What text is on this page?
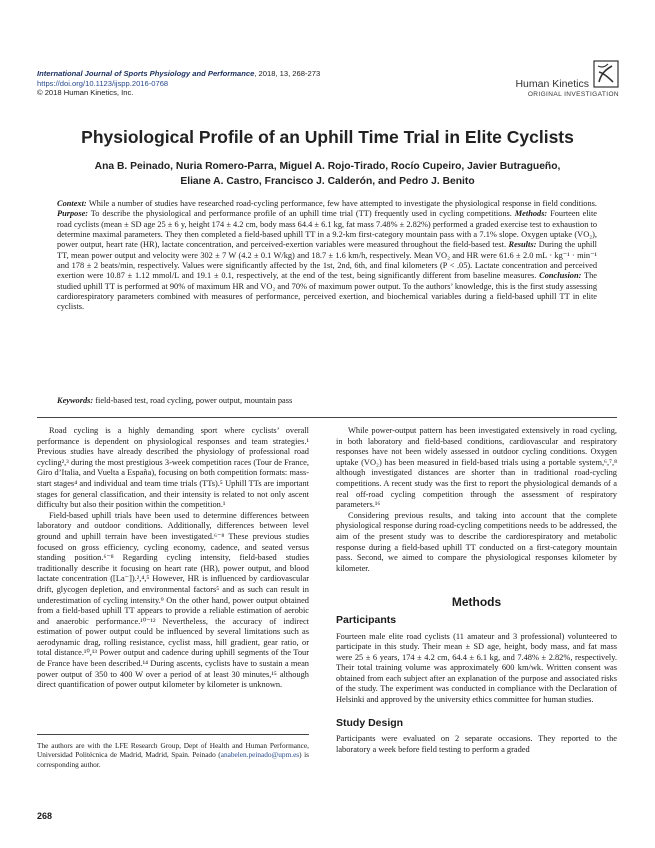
International Journal of Sports Physiology and Performance, 2018, 13, 268-273
https://doi.org/10.1123/ijspp.2016-0768
© 2018 Human Kinetics, Inc.
Human Kinetics
ORIGINAL INVESTIGATION
Physiological Profile of an Uphill Time Trial in Elite Cyclists
Ana B. Peinado, Nuria Romero-Parra, Miguel A. Rojo-Tirado, Rocío Cupeiro, Javier Butragueño,
Eliane A. Castro, Francisco J. Calderón, and Pedro J. Benito
Context: While a number of studies have researched road-cycling performance, few have attempted to investigate the physiological response in field conditions. Purpose: To describe the physiological and performance profile of an uphill time trial (TT) frequently used in cycling competitions. Methods: Fourteen elite road cyclists (mean ± SD age 25 ± 6 y, height 174 ± 4.2 cm, body mass 64.4 ± 6.1 kg, fat mass 7.48% ± 2.82%) performed a graded exercise test to exhaustion to determine maximal parameters. They then completed a field-based uphill TT in a 9.2-km first-category mountain pass with a 7.1% slope. Oxygen uptake (VO₂), power output, heart rate (HR), lactate concentration, and perceived-exertion variables were measured throughout the field-based test. Results: During the uphill TT, mean power output and velocity were 302 ± 7 W (4.2 ± 0.1 W/kg) and 18.7 ± 1.6 km/h, respectively. Mean VO₂ and HR were 61.6 ± 2.0 mL · kg⁻¹ · min⁻¹ and 178 ± 2 beats/min, respectively. Values were significantly affected by the 1st, 2nd, 6th, and final kilometers (P < .05). Lactate concentration and perceived exertion were 10.87 ± 1.12 mmol/L and 19.1 ± 0.1, respectively, at the end of the test, being significantly different from baseline measures. Conclusion: The studied uphill TT is performed at 90% of maximum HR and VO₂ and 70% of maximum power output. To the authors’ knowledge, this is the first study assessing cardiorespiratory parameters combined with measures of performance, perceived exertion, and biochemical variables during a field-based uphill TT in elite cyclists.
Keywords: field-based test, road cycling, power output, mountain pass

Road cycling is a highly demanding sport where cyclists’ overall performance is dependent on physiological responses and team strategies.¹ Previous studies have already described the physiology of professional road cycling²,³ during the most prestigious 3-week competition races (Tour de France, Giro d’Italia, and Vuelta a España), focusing on both competition formats: mass-start stages⁴ and individual and team time trials (TTs).⁵ Uphill TTs are important stages for general classification, and their intensity is related to not only ascent difficulty but also their position within the competition.¹

Field-based uphill trials have been used to determine differences between laboratory and outdoor conditions. Additionally, differences between level ground and uphill terrain have been investigated.⁶⁻⁸ These previous studies focused on gross efficiency, cycling economy, cadence, and seated versus standing position.⁶⁻⁸ Regarding cycling intensity, field-based studies traditionally describe it focusing on heart rate (HR), power output, and blood lactate concentration ([La⁻]).²,⁴,⁵ However, HR is influenced by cardiovascular drift, glycogen depletion, and environmental factors⁵ and as such can result in underestimation of cycling intensity.⁹ On the other hand, power output obtained from a field-based uphill TT appears to provide a reliable estimation of aerobic and anaerobic performance.¹⁰⁻¹² Nevertheless, the accuracy of indirect estimation of power output could be influenced by several limitations such as aerodynamic drag, rolling resistance, cyclist mass, hill gradient, gear ratio, or total distance.¹⁰,¹³ Power output and cadence during uphill segments of the Tour de France have been described.¹⁴ During ascents, cyclists have to sustain a mean power output of 350 to 400 W over a period of at least 30 minutes,¹⁵ although direct quantification of power output kilometer by kilometer is unknown.

While power-output pattern has been investigated extensively in road cycling, in both laboratory and field-based conditions, cardiovascular and respiratory responses have not been widely assessed in outdoor cycling conditions. Oxygen uptake (VO₂) has been measured in field-based trials using a portable system,⁶,⁷,⁸ although investigated distances are shorter than in traditional road-cycling competitions. A recent study was the first to report the physiological demands of a real off-road cycling competition through the assessment of respiratory parameters.¹⁶

Considering previous results, and taking into account that the complete physiological response during road-cycling competitions needs to be addressed, the aim of the present study was to describe the cardiorespiratory and metabolic response during a field-based uphill TT conducted on a first-category mountain pass. Second, we aimed to compare the physiological responses kilometer by kilometer.

Methods
Participants

Fourteen male elite road cyclists (11 amateur and 3 professional) volunteered to participate in this study. Their mean ± SD age, height, body mass, and fat mass were 25 ± 6 years, 174 ± 4.2 cm, 64.4 ± 6.1 kg, and 7.48% ± 2.82%, respectively. Their total training volume was approximately 600 km/wk. Written consent was obtained from each subject after an explanation of the purpose and associated risks of the study. The experiment was conducted in compliance with the Declaration of Helsinki and approved by the university ethics committee for human studies.

Study Design

Participants were evaluated on 2 separate occasions. They reported to the laboratory a week before field testing to perform a graded

The authors are with the LFE Research Group, Dept of Health and Human Performance, Universidad Politécnica de Madrid, Madrid, Spain. Peinado (anabelen.peinado@upm.es) is corresponding author.
268
